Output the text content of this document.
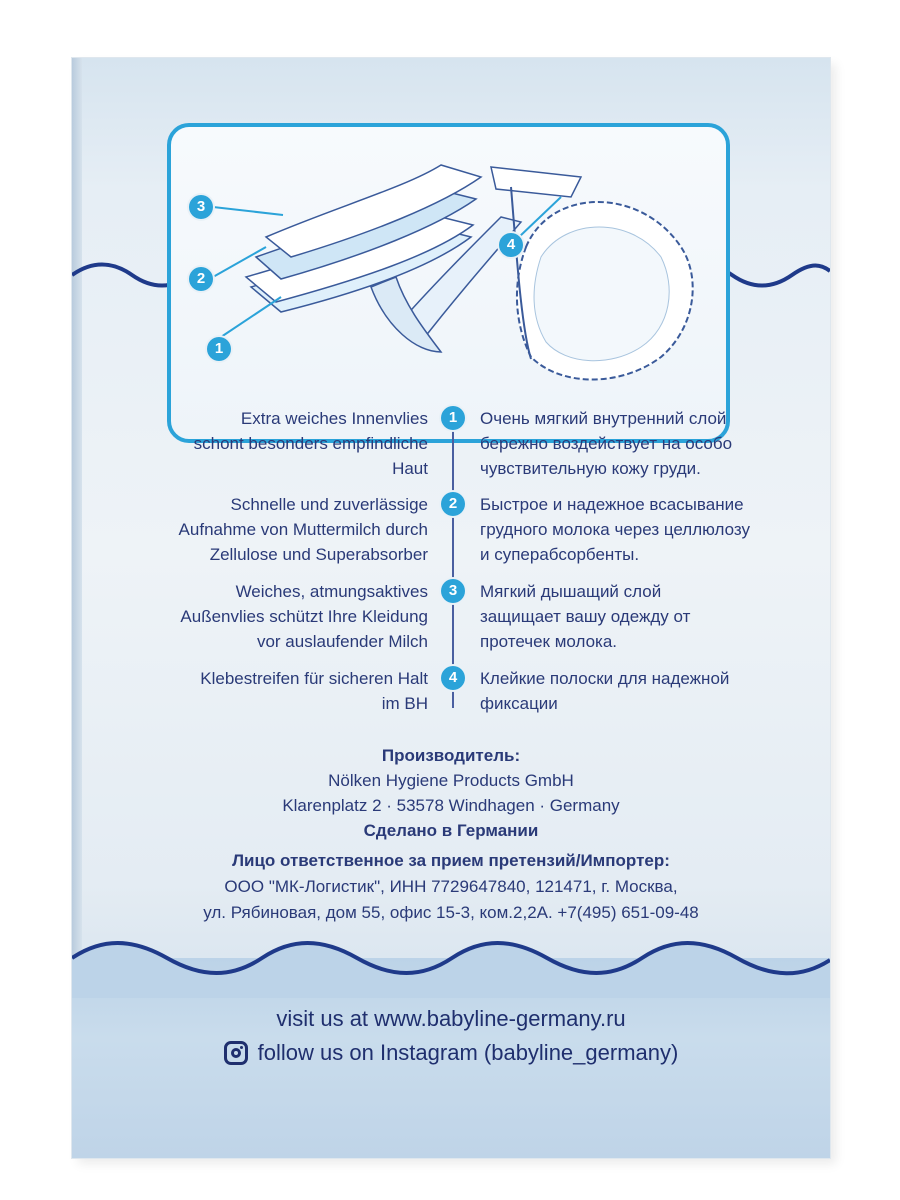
3
2
1
4
Extra weiches Innenvlies
schont besonders empfindliche
Haut
1	Очень мягкий внутренний слой
бережно воздействует на особо
чувствительную кожу груди.
Schnelle und zuverlässige
Aufnahme von Muttermilch durch
Zellulose und Superabsorber
2	Быстрое и надежное всасывание
грудного молока через целлюлозу
и суперабсорбенты.
Weiches, atmungsaktives
Außenvlies schützt Ihre Kleidung
vor auslaufender Milch
3	Мягкий дышащий слой
защищает вашу одежду от
протечек молока.
Klebestreifen für sicheren Halt
im BH
4	Клейкие полоски для надежной
фиксации
Производитель:
Nölken Hygiene Products GmbH
Klarenplatz 2 · 53578 Windhagen · Germany
Сделано в Германии
Лицо ответственное за прием претензий/Импортер:
ООО "МК-Логистик", ИНН 7729647840, 121471, г. Москва,
ул. Рябиновая, дом 55, офис 15-3, ком.2,2А. +7(495) 651-09-48
visit us at www.babyline-germany.ru
follow us on Instagram (babyline_germany)
